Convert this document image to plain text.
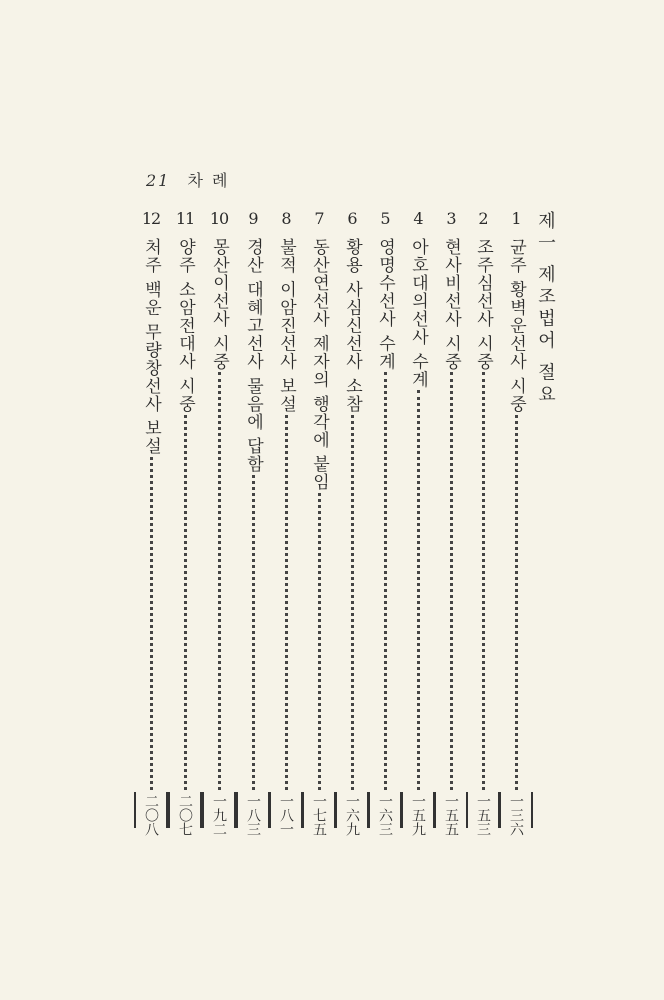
21 차 례
제一 제조법어 절요
1
균주 황벽운선사 시중
一三六
2
조주심선사 시중
一五三
3
현사비선사 시중
一五五
4
아호대의선사 수계
一五九
5
영명수선사 수계
一六三
6
황용 사심신선사 소참
一六九
7
동산연선사 제자의 행각에 붙임
一七五
8
불적 이암진선사 보설
一八一
9
경산 대혜고선사 물음에 답함
一八三
10
몽산이선사 시중
一九二
11
양주 소암전대사 시중
二〇七
12
처주 백운 무량창선사 보설
二〇八
